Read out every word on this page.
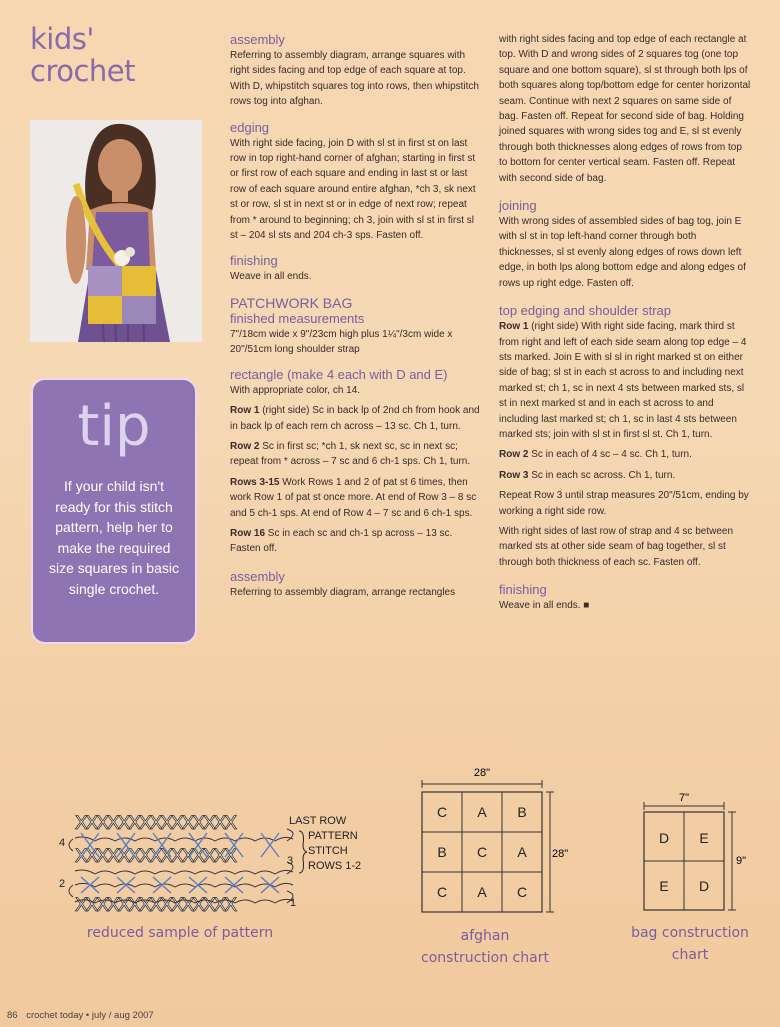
kids'
crochet
tip
If your child isn't
ready for this stitch
pattern, help her to
make the required
size squares in basic
single crochet.
assembly

Referring to assembly diagram, arrange squares with right sides facing and top edge of each square at top. With D, whipstitch squares tog into rows, then whipstitch rows tog into afghan.

edging

With right side facing, join D with sl st in first st on last row in top right-hand corner of afghan; starting in first st or first row of each square and ending in last st or last row of each square around entire afghan, *ch 3, sk next st or row, sl st in next st or in edge of next row; repeat from * around to beginning; ch 3, join with sl st in first sl st – 204 sl sts and 204 ch-3 sps. Fasten off.

finishing

Weave in all ends.

PATCHWORK BAG
finished measurements

7"/18cm wide x 9"/23cm high plus 1¼"/3cm wide x 20"/51cm long shoulder strap

rectangle (make 4 each with D and E)

With appropriate color, ch 14.

Row 1 (right side) Sc in back lp of 2nd ch from hook and in back lp of each rem ch across – 13 sc. Ch 1, turn.

Row 2 Sc in first sc; *ch 1, sk next sc, sc in next sc; repeat from * across – 7 sc and 6 ch-1 sps. Ch 1, turn.

Rows 3-15 Work Rows 1 and 2 of pat st 6 times, then work Row 1 of pat st once more. At end of Row 3 – 8 sc and 5 ch-1 sps. At end of Row 4 – 7 sc and 6 ch-1 sps.

Row 16 Sc in each sc and ch-1 sp across – 13 sc. Fasten off.

assembly

Referring to assembly diagram, arrange rectangles

with right sides facing and top edge of each rectangle at top. With D and wrong sides of 2 squares tog (one top square and one bottom square), sl st through both lps of both squares along top/bottom edge for center horizontal seam. Continue with next 2 squares on same side of bag. Fasten off. Repeat for second side of bag. Holding joined squares with wrong sides tog and E, sl st evenly through both thicknesses along edges of rows from top to bottom for center vertical seam. Fasten off. Repeat with second side of bag.

joining

With wrong sides of assembled sides of bag tog, join E with sl st in top left-hand corner through both thicknesses, sl st evenly along edges of rows down left edge, in both lps along bottom edge and along edges of rows up right edge. Fasten off.

top edging and shoulder strap

Row 1 (right side) With right side facing, mark third st from right and left of each side seam along top edge – 4 sts marked. Join E with sl sl in right marked st on either side of bag; sl st in each st across to and including next marked st; ch 1, sc in next 4 sts between marked sts, sl st in next marked st and in each st across to and including last marked st; ch 1, sc in last 4 sts between marked sts; join with sl st in first sl st. Ch 1, turn.

Row 2 Sc in each of 4 sc – 4 sc. Ch 1, turn.

Row 3 Sc in each sc across. Ch 1, turn.

Repeat Row 3 until strap measures 20"/51cm, ending by working a right side row.

With right sides of last row of strap and 4 sc between marked sts at other side seam of bag together, sl st through both thickness of each sc. Fasten off.

finishing

Weave in all ends. ■

XXXXXXXXXXXXXXX
XXXXXXXXXXXXXXX
XXXXXXXXXXXXXXX
4
3
2
1
LAST ROW
PATTERN
STITCH
ROWS 1-2
reduced sample of pattern
28"
28"
C A B
B C A
C A C
afghan
construction chart
7"
9"
D E
E D
bag construction
chart
86 crochet today • july / aug 2007
